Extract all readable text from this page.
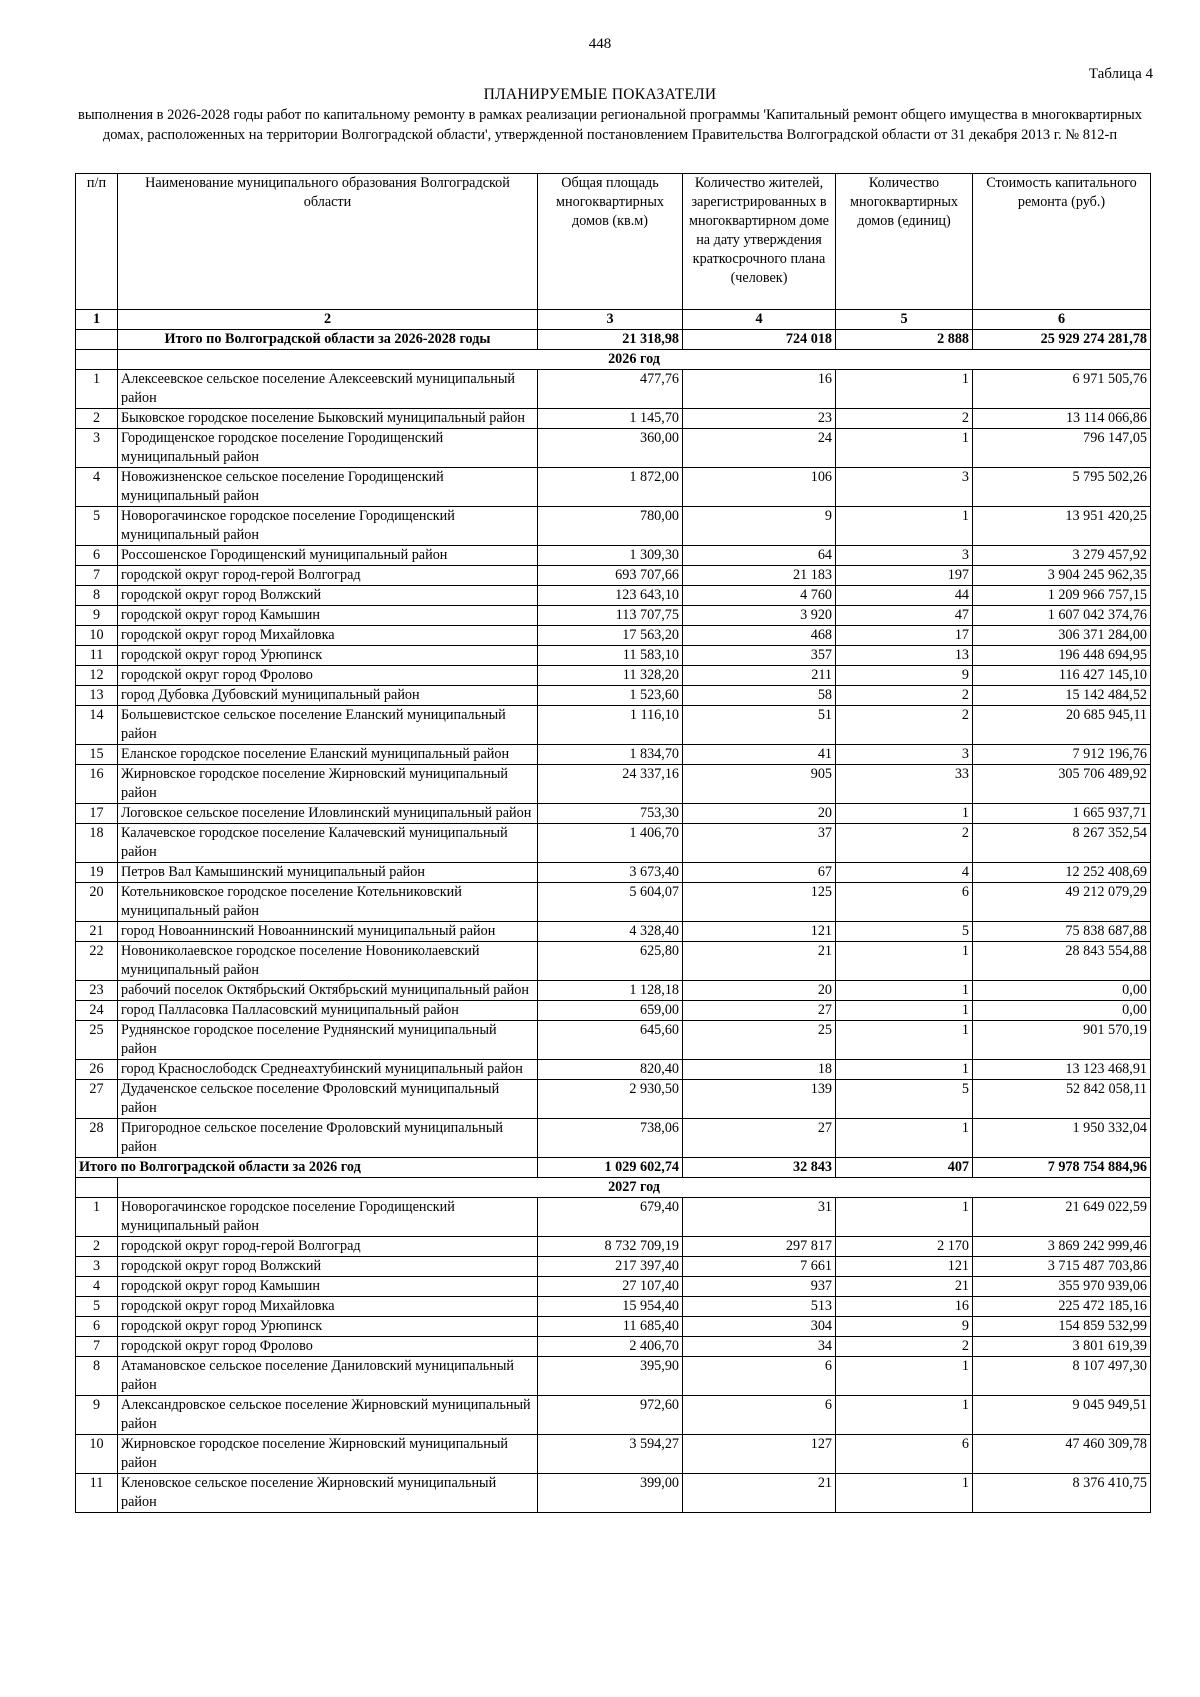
448
Таблица 4
ПЛАНИРУЕМЫЕ ПОКАЗАТЕЛИ
выполнения в 2026-2028 годы работ по капитальному ремонту в рамках реализации региональной программы 'Капитальный ремонт общего имущества в многоквартирных домах, расположенных на территории Волгоградской области', утвержденной постановлением Правительства Волгоградской области от 31 декабря 2013 г. № 812-п
п/п	Наименование муниципального образования Волгоградской области	Общая площадь многоквартирных домов (кв.м)	Количество жителей, зарегистрированных в многоквартирном доме на дату утверждения краткосрочного плана (человек)	Количество многоквартирных домов (единиц)	Стоимость капитального ремонта (руб.)
1	2	3	4	5	6
	Итого по Волгоградской области за 2026-2028 годы	21 318,98	724 018	2 888	25 929 274 281,78
	2026 год				
1	Алексеевское сельское поселение Алексеевский муниципальный район	477,76	16	1	6 971 505,76
2	Быковское городское поселение Быковский муниципальный район	1 145,70	23	2	13 114 066,86
3	Городищенское городское поселение Городищенский муниципальный район	360,00	24	1	796 147,05
4	Новожизненское сельское поселение Городищенский муниципальный район	1 872,00	106	3	5 795 502,26
5	Новорогачинское городское поселение Городищенский муниципальный район	780,00	9	1	13 951 420,25
6	Россошенское Городищенский муниципальный район	1 309,30	64	3	3 279 457,92
7	городской округ город-герой Волгоград	693 707,66	21 183	197	3 904 245 962,35
8	городской округ город Волжский	123 643,10	4 760	44	1 209 966 757,15
9	городской округ город Камышин	113 707,75	3 920	47	1 607 042 374,76
10	городской округ город Михайловка	17 563,20	468	17	306 371 284,00
11	городской округ город Урюпинск	11 583,10	357	13	196 448 694,95
12	городской округ город Фролово	11 328,20	211	9	116 427 145,10
13	город Дубовка Дубовский муниципальный район	1 523,60	58	2	15 142 484,52
14	Большевистское сельское поселение Еланский муниципальный район	1 116,10	51	2	20 685 945,11
15	Еланское городское поселение Еланский муниципальный район	1 834,70	41	3	7 912 196,76
16	Жирновское городское поселение Жирновский муниципальный район	24 337,16	905	33	305 706 489,92
17	Логовское сельское поселение Иловлинский муниципальный район	753,30	20	1	1 665 937,71
18	Калачевское городское поселение Калачевский муниципальный район	1 406,70	37	2	8 267 352,54
19	Петров Вал Камышинский муниципальный район	3 673,40	67	4	12 252 408,69
20	Котельниковское городское поселение Котельниковский муниципальный район	5 604,07	125	6	49 212 079,29
21	город Новоаннинский Новоаннинский муниципальный район	4 328,40	121	5	75 838 687,88
22	Новониколаевское городское поселение Новониколаевский муниципальный район	625,80	21	1	28 843 554,88
23	рабочий поселок Октябрьский Октябрьский муниципальный район	1 128,18	20	1	0,00
24	город Палласовка Палласовский муниципальный район	659,00	27	1	0,00
25	Руднянское городское поселение Руднянский муниципальный район	645,60	25	1	901 570,19
26	город Краснослободск Среднеахтубинский муниципальный район	820,40	18	1	13 123 468,91
27	Дудаченское сельское поселение Фроловский муниципальный район	2 930,50	139	5	52 842 058,11
28	Пригородное сельское поселение Фроловский муниципальный район	738,06	27	1	1 950 332,04
Итого по Волгоградской области за 2026 год		1 029 602,74	32 843	407	7 978 754 884,96
	2027 год				
1	Новорогачинское городское поселение Городищенский муниципальный район	679,40	31	1	21 649 022,59
2	городской округ город-герой Волгоград	8 732 709,19	297 817	2 170	3 869 242 999,46
3	городской округ город Волжский	217 397,40	7 661	121	3 715 487 703,86
4	городской округ город Камышин	27 107,40	937	21	355 970 939,06
5	городской округ город Михайловка	15 954,40	513	16	225 472 185,16
6	городской округ город Урюпинск	11 685,40	304	9	154 859 532,99
7	городской округ город Фролово	2 406,70	34	2	3 801 619,39
8	Атамановское сельское поселение Даниловский муниципальный район	395,90	6	1	8 107 497,30
9	Александровское сельское поселение Жирновский муниципальный район	972,60	6	1	9 045 949,51
10	Жирновское городское поселение Жирновский муниципальный район	3 594,27	127	6	47 460 309,78
11	Кленовское сельское поселение Жирновский муниципальный район	399,00	21	1	8 376 410,75
